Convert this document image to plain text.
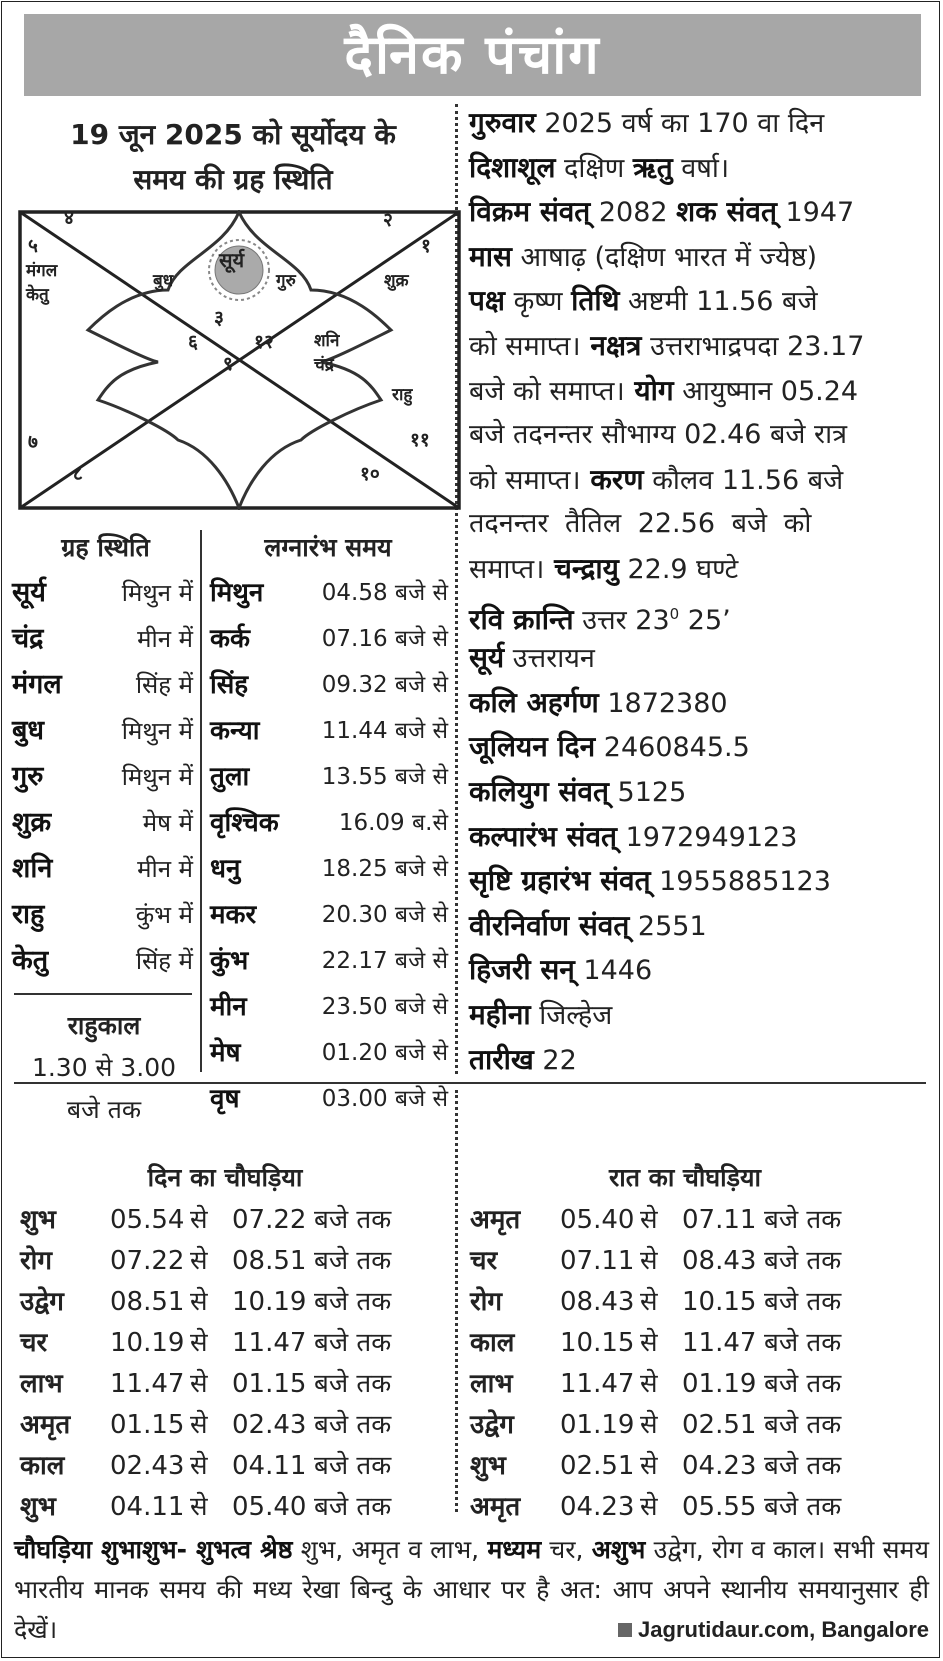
दैनिक पंचांग
19 जून 2025 को सूर्योदय के
समय की ग्रह स्थिति
४	२
१
५
३
६	१२
९
७	११
८	१०
सूर्य
बुध	गुरु	शुक्र
मंगल
केतु
शनि
चंद्र
राहु
ग्रह स्थिति
सूर्य	मिथुन में
चंद्र	मीन में
मंगल	सिंह में
बुध	मिथुन में
गुरु	मिथुन में
शुक्र	मेष में
शनि	मीन में
राहु	कुंभ में
केतु	सिंह में
राहुकाल
1.30 से 3.00
बजे तक
लग्नारंभ समय
मिथुन	04.58 बजे से
कर्क	07.16 बजे से
सिंह	09.32 बजे से
कन्या	11.44 बजे से
तुला	13.55 बजे से
वृश्चिक	16.09 ब.से
धनु	18.25 बजे से
मकर	20.30 बजे से
कुंभ	22.17 बजे से
मीन	23.50 बजे से
मेष	01.20 बजे से
वृष	03.00 बजे से
गुरुवार 2025 वर्ष का 170 वा दिन
दिशाशूल दक्षिण ऋतु वर्षा।
विक्रम संवत् 2082 शक संवत् 1947
मास आषाढ़ (दक्षिण भारत में ज्येष्ठ)
पक्ष कृष्ण तिथि अष्टमी 11.56 बजे
को समाप्त। नक्षत्र उत्तराभाद्रपदा 23.17
बजे को समाप्त। योग आयुष्मान 05.24
बजे तदनन्तर सौभाग्य 02.46 बजे रात्र
को समाप्त। करण कौलव 11.56 बजे
तदनन्तर तैतिल 22.56 बजे को
समाप्त। चन्द्रायु 22.9 घण्टे
रवि क्रान्ति उत्तर $23^0$ 25’
सूर्य उत्तरायन
कलि अहर्गण 1872380
जूलियन दिन 2460845.5
कलियुग संवत् 5125
कल्पारंभ संवत् 1972949123
सृष्टि ग्रहारंभ संवत् 1955885123
वीरनिर्वाण संवत् 2551
हिजरी सन् 1446
महीना जिल्हेज
तारीख 22
दिन का चौघड़िया
शुभ 05.54 से 07.22 बजे तक
रोग 07.22 से 08.51 बजे तक
उद्वेग 08.51 से 10.19 बजे तक
चर 10.19 से 11.47 बजे तक
लाभ 11.47 से 01.15 बजे तक
अमृत 01.15 से 02.43 बजे तक
काल 02.43 से 04.11 बजे तक
शुभ 04.11 से 05.40 बजे तक
रात का चौघड़िया
अमृत 05.40 से 07.11 बजे तक
चर 07.11 से 08.43 बजे तक
रोग 08.43 से 10.15 बजे तक
काल 10.15 से 11.47 बजे तक
लाभ 11.47 से 01.19 बजे तक
उद्वेग 01.19 से 02.51 बजे तक
शुभ 02.51 से 04.23 बजे तक
अमृत 04.23 से 05.55 बजे तक
चौघड़िया शुभाशुभ- शुभत्व श्रेष्ठ शुभ, अमृत व लाभ, मध्यम चर, अशुभ उद्वेग, रोग व काल। सभी समय भारतीय मानक समय की मध्य रेखा बिन्दु के आधार पर है अत: आप अपने स्थानीय समयानुसार ही देखें।	Jagrutidaur.com, Bangalore
